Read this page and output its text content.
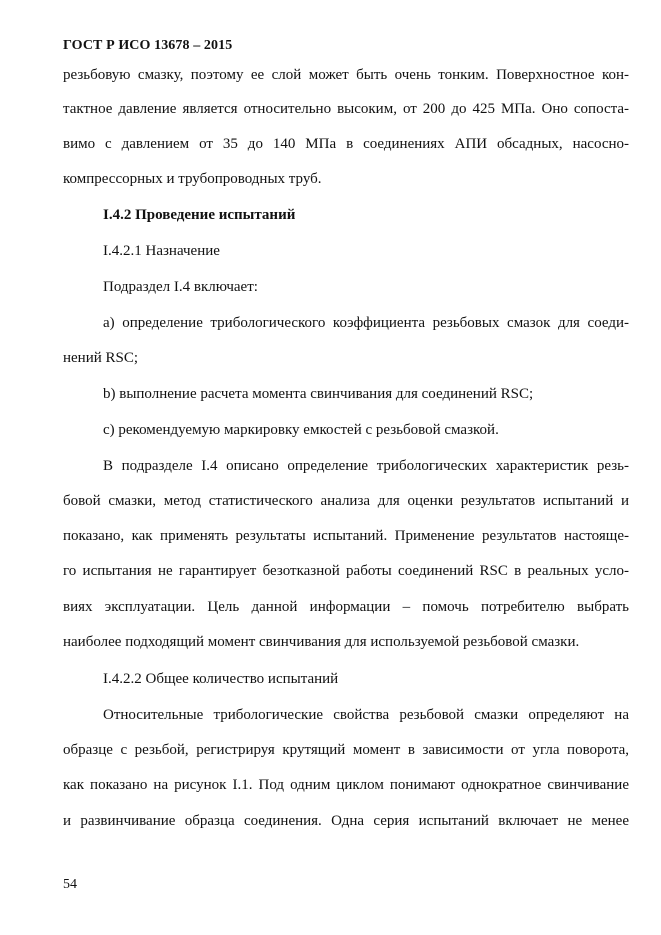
ГОСТ Р ИСО 13678 – 2015
резьбовую смазку, поэтому ее слой может быть очень тонким. Поверхностное кон-
тактное давление является относительно высоким, от 200 до 425 МПа. Оно сопоста-
вимо с давлением от 35 до 140 МПа в соединениях АПИ обсадных, насосно-
компрессорных и трубопроводных труб.
I.4.2 Проведение испытаний
I.4.2.1 Назначение
Подраздел I.4 включает:
a) определение трибологического коэффициента резьбовых смазок для соеди-
нений RSC;
b) выполнение расчета момента свинчивания для соединений RSC;
c) рекомендуемую маркировку емкостей с резьбовой смазкой.
В подразделе I.4 описано определение трибологических характеристик резь-
бовой смазки, метод статистического анализа для оценки результатов испытаний и
показано, как применять результаты испытаний. Применение результатов настояще-
го испытания не гарантирует безотказной работы соединений RSC в реальных усло-
виях эксплуатации. Цель данной информации – помочь потребителю выбрать
наиболее подходящий момент свинчивания для используемой резьбовой смазки.
I.4.2.2 Общее количество испытаний
Относительные трибологические свойства резьбовой смазки определяют на
образце с резьбой, регистрируя крутящий момент в зависимости от угла поворота,
как показано на рисунок I.1. Под одним циклом понимают однократное свинчивание
и развинчивание образца соединения. Одна серия испытаний включает не менее
54
